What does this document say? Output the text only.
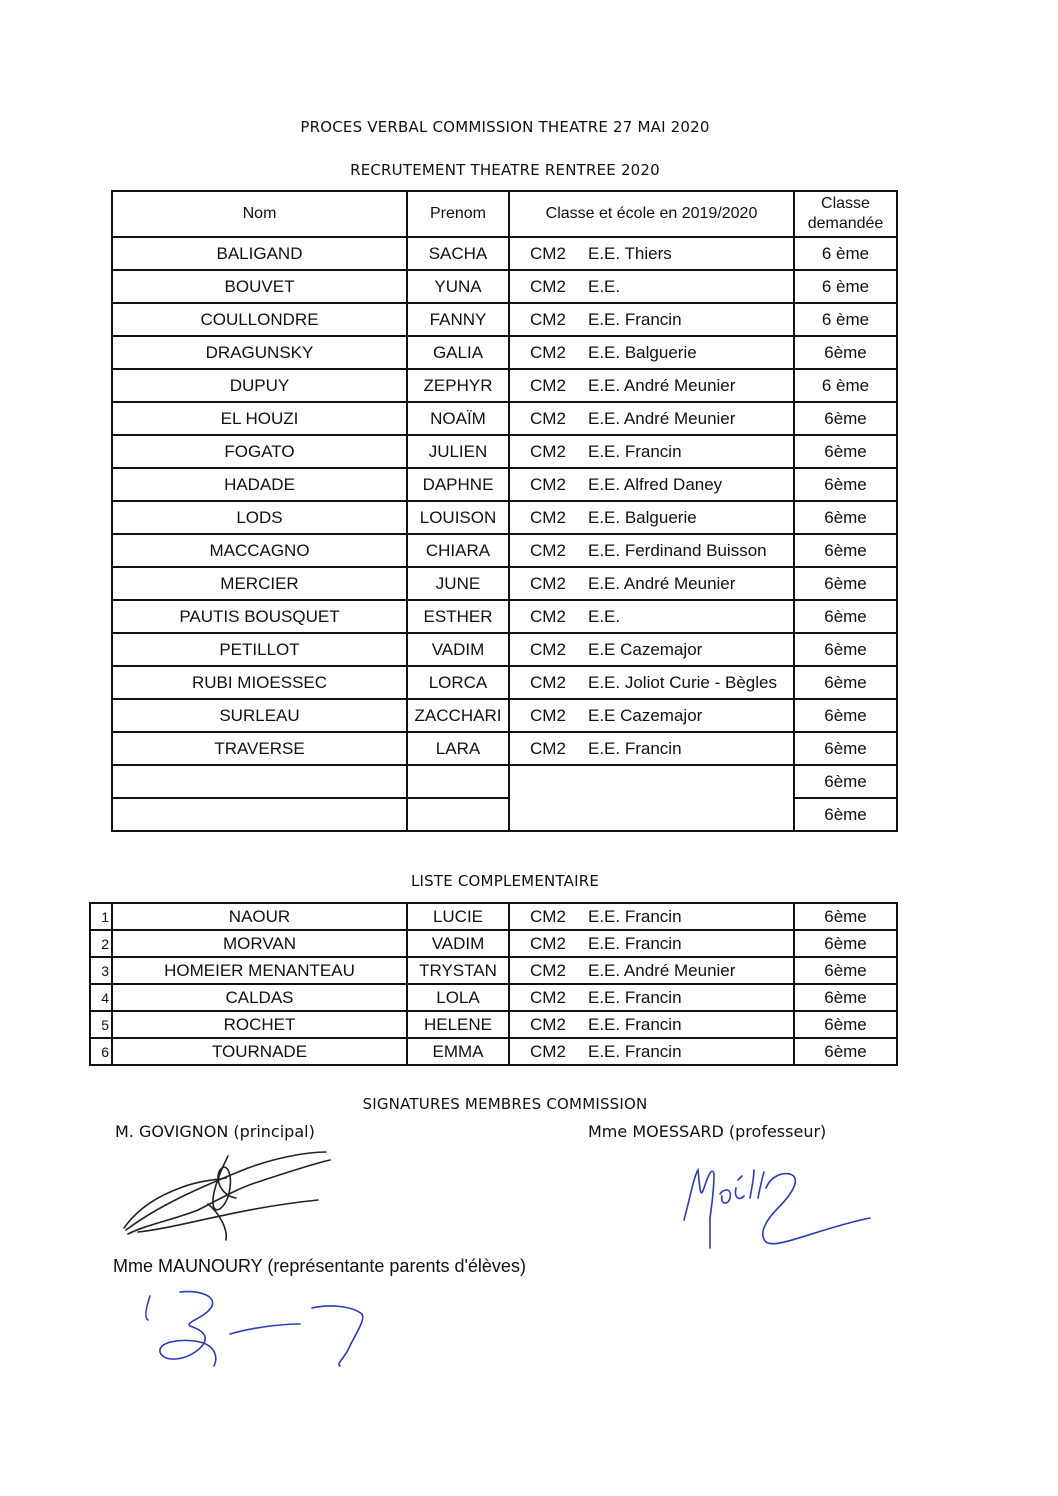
PROCES VERBAL COMMISSION THEATRE 27 MAI 2020
RECRUTEMENT THEATRE RENTREE 2020
Nom	Prenom	Classe et école en 2019/2020	Classe
demandée
BALIGAND	SACHA	CM2 E.E. Thiers	6 ème
BOUVET	YUNA	CM2 E.E.	6 ème
COULLONDRE	FANNY	CM2 E.E. Francin	6 ème
DRAGUNSKY	GALIA	CM2 E.E. Balguerie	6ème
DUPUY	ZEPHYR	CM2 E.E. André Meunier	6 ème
EL HOUZI	NOAÏM	CM2 E.E. André Meunier	6ème
FOGATO	JULIEN	CM2 E.E. Francin	6ème
HADADE	DAPHNE	CM2 E.E. Alfred Daney	6ème
LODS	LOUISON	CM2 E.E. Balguerie	6ème
MACCAGNO	CHIARA	CM2 E.E. Ferdinand Buisson	6ème
MERCIER	JUNE	CM2 E.E. André Meunier	6ème
PAUTIS BOUSQUET	ESTHER	CM2 E.E.	6ème
PETILLOT	VADIM	CM2 E.E Cazemajor	6ème
RUBI MIOESSEC	LORCA	CM2 E.E. Joliot Curie - Bègles	6ème
SURLEAU	ZACCHARI	CM2 E.E Cazemajor	6ème
TRAVERSE	LARA	CM2 E.E. Francin	6ème
			6ème
			6ème
LISTE COMPLEMENTAIRE
1	NAOUR	LUCIE	CM2 E.E. Francin	6ème
2	MORVAN	VADIM	CM2 E.E. Francin	6ème
3	HOMEIER MENANTEAU	TRYSTAN	CM2 E.E. André Meunier	6ème
4	CALDAS	LOLA	CM2 E.E. Francin	6ème
5	ROCHET	HELENE	CM2 E.E. Francin	6ème
6	TOURNADE	EMMA	CM2 E.E. Francin	6ème
SIGNATURES MEMBRES COMMISSION
M. GOVIGNON (principal)	Mme MOESSARD (professeur)
Mme MAUNOURY (représentante parents d'élèves)
